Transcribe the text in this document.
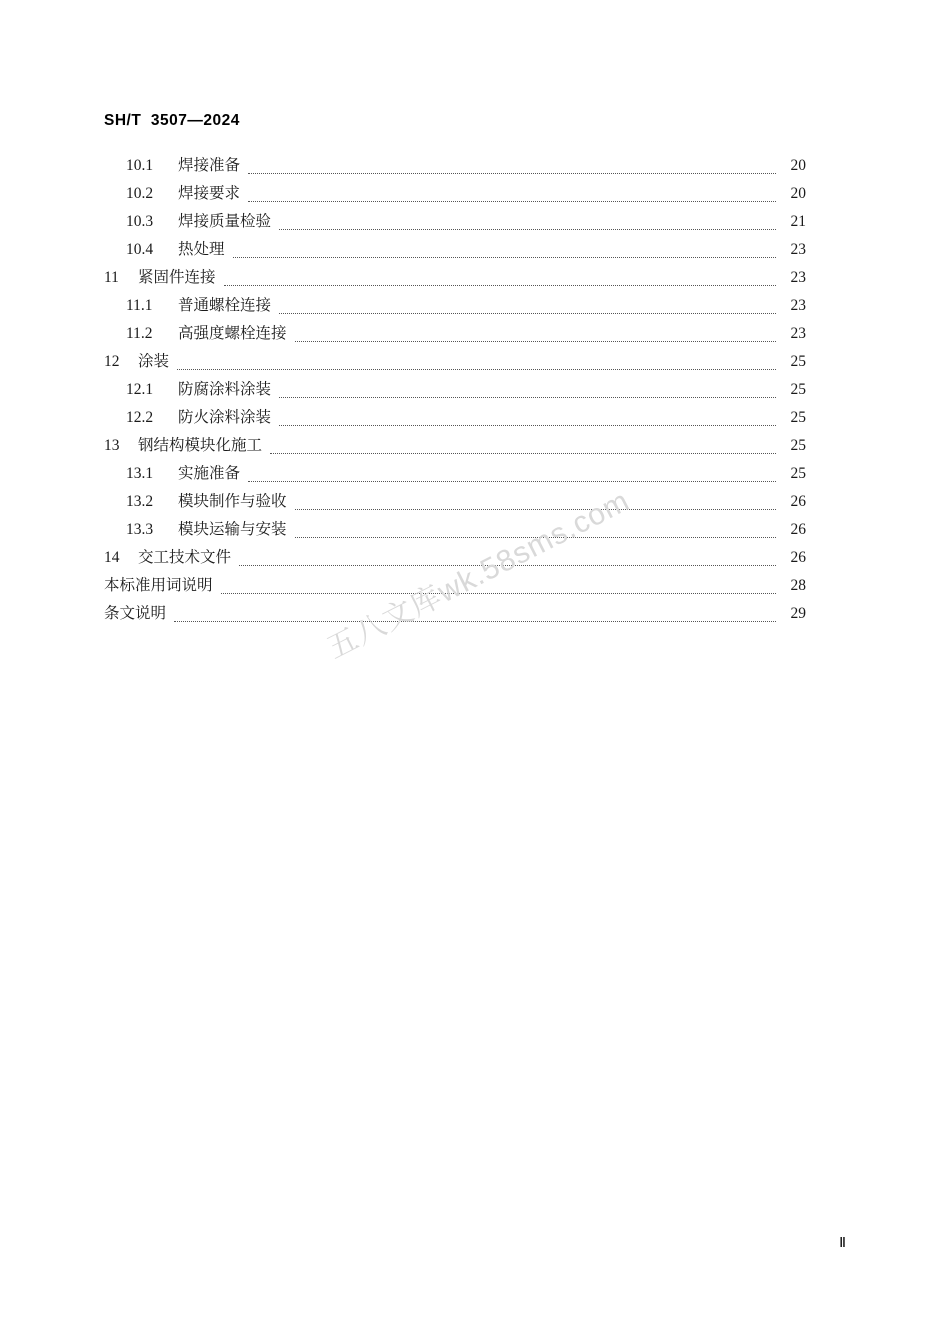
SH/T  3507—2024
10.1	焊接准备	20
10.2	焊接要求	20
10.3	焊接质量检验	21
10.4	热处理	23
11	紧固件连接	23
11.1	普通螺栓连接	23
11.2	高强度螺栓连接	23
12	涂装	25
12.1	防腐涂料涂装	25
12.2	防火涂料涂装	25
13	钢结构模块化施工	25
13.1	实施准备	25
13.2	模块制作与验收	26
13.3	模块运输与安装	26
14	交工技术文件	26
本标准用词说明	28
条文说明	29
五八文库wk.58sms.com
Ⅱ
